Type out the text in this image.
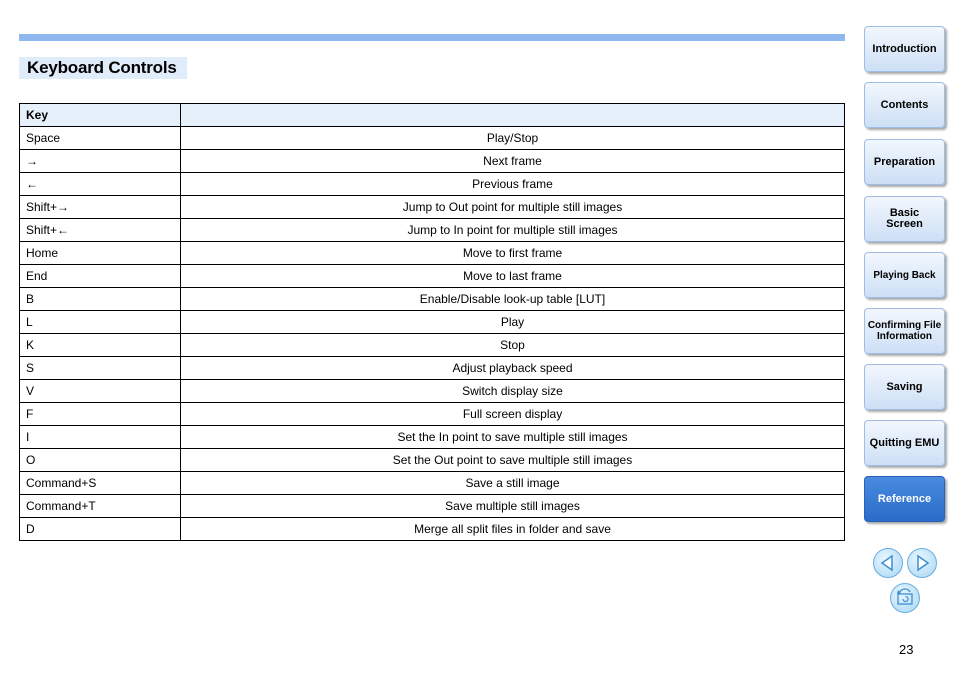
Keyboard Controls
Key	
Space	Play/Stop
→	Next frame
←	Previous frame
Shift+→	Jump to Out point for multiple still images
Shift+←	Jump to In point for multiple still images
Home	Move to first frame
End	Move to last frame
B	Enable/Disable look-up table [LUT]
L	Play
K	Stop
S	Adjust playback speed
V	Switch display size
F	Full screen display
I	Set the In point to save multiple still images
O	Set the Out point to save multiple still images
Command+S	Save a still image
Command+T	Save multiple still images
D	Merge all split files in folder and save
Introduction
Contents
Preparation
Basic Screen
Playing Back
Confirming File Information
Saving
Quitting EMU
Reference
23
